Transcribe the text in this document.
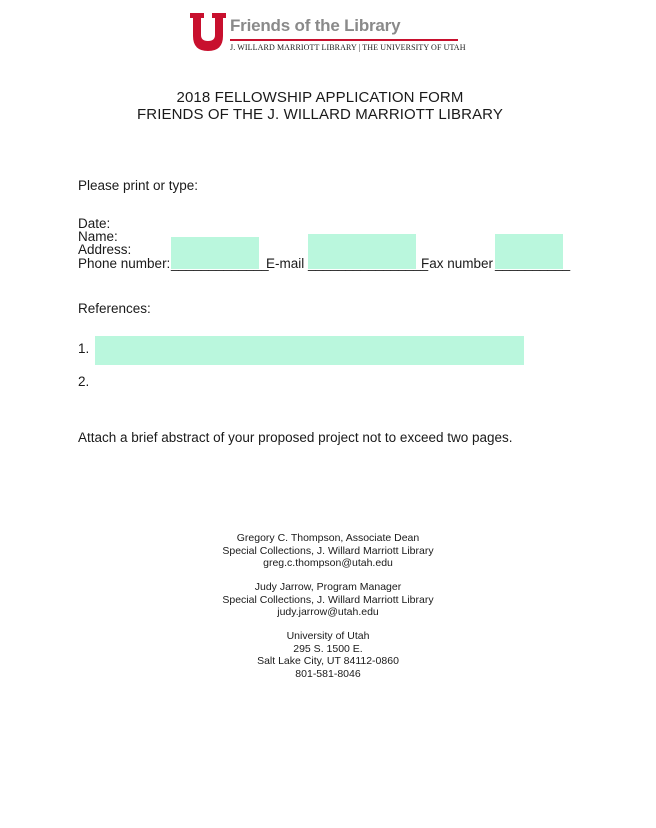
Friends of the Library
J. WILLARD MARRIOTT LIBRARY | THE UNIVERSITY OF UTAH
2018 FELLOWSHIP APPLICATION FORM
FRIENDS OF THE J. WILLARD MARRIOTT LIBRARY
Please print or type:
Date:
Name:
Address:
Phone number: _____________
E-mail ________________
Fax number __________
References:
1.
2.
Attach a brief abstract of your proposed project not to exceed two pages.
Gregory C. Thompson, Associate Dean
Special Collections, J. Willard Marriott Library
greg.c.thompson@utah.edu
Judy Jarrow, Program Manager
Special Collections, J. Willard Marriott Library
judy.jarrow@utah.edu
University of Utah
295 S. 1500 E.
Salt Lake City, UT 84112-0860
801-581-8046
